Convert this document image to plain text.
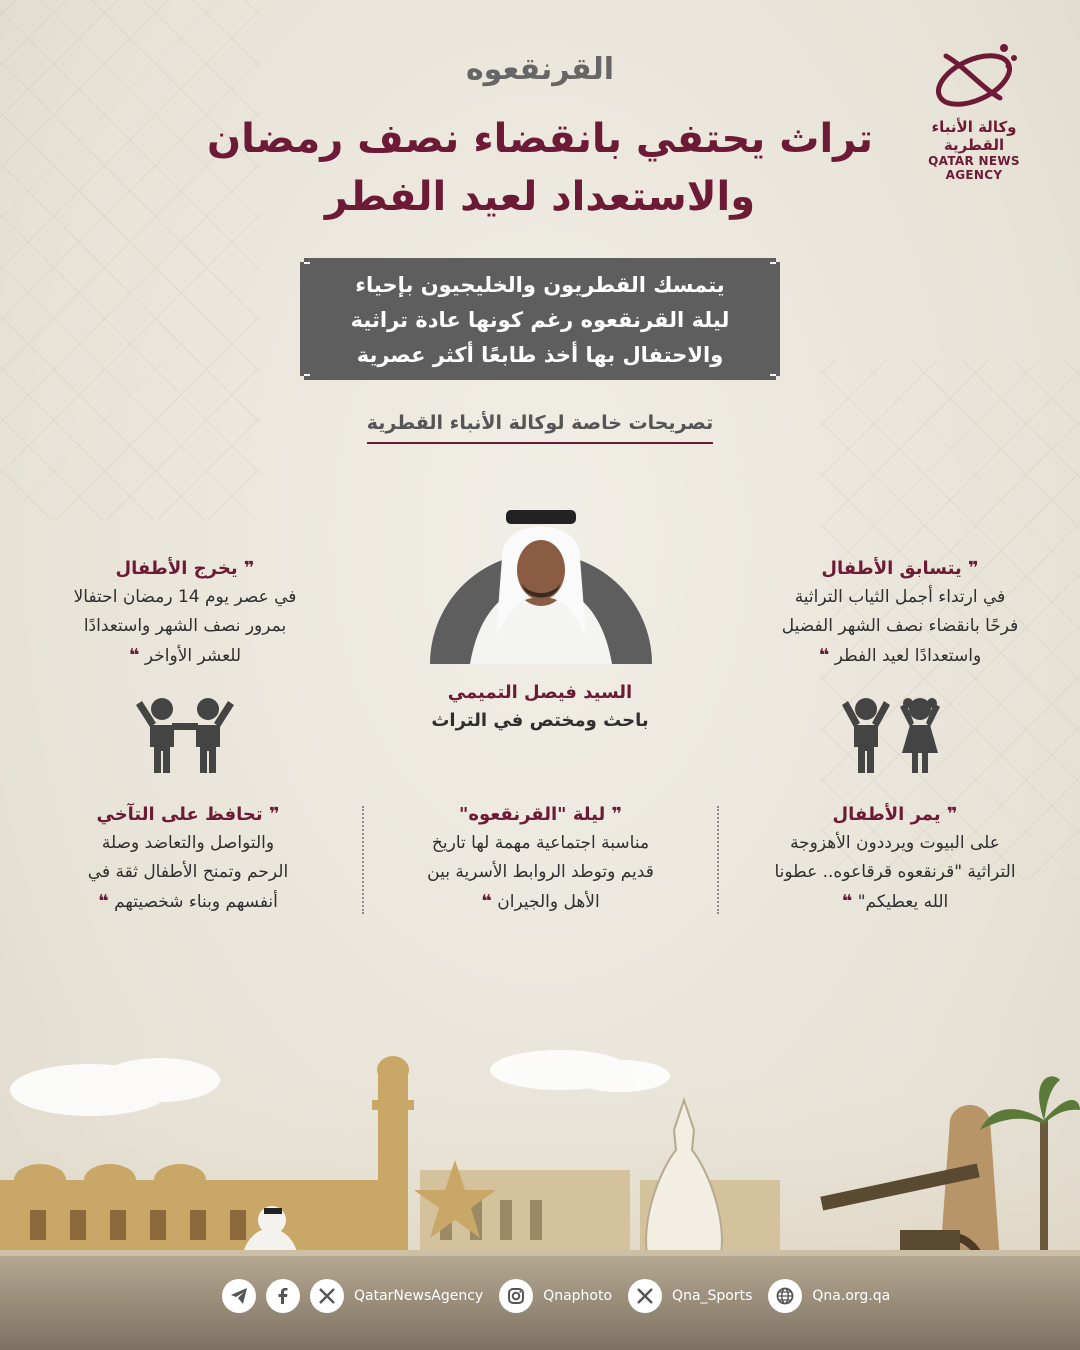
وكالة الأنباء القطرية
QATAR NEWS AGENCY
القرنقعوه
تراث يحتفي بانقضاء نصف رمضان
والاستعداد لعيد الفطر
يتمسك القطريون والخليجيون بإحياء
ليلة القرنقعوه رغم كونها عادة تراثية
والاحتفال بها أخذ طابعًا أكثر عصرية
تصريحات خاصة لوكالة الأنباء القطرية
السيد فيصل التميمي
باحث ومختص في التراث
❞ يتسابق الأطفال
في ارتداء أجمل الثياب التراثية
فرحًا بانقضاء نصف الشهر الفضيل
واستعدادًا لعيد الفطر ❝
❞ يخرج الأطفال
في عصر يوم 14 رمضان احتفالا
بمرور نصف الشهر واستعدادًا
للعشر الأواخر ❝
❞ يمر الأطفال
على البيوت ويرددون الأهزوجة
التراثية "قرنقعوه قرقاعوه.. عطونا
الله يعطيكم" ❝
❞ ليلة "القرنقعوه"
مناسبة اجتماعية مهمة لها تاريخ
قديم وتوطد الروابط الأسرية بين
الأهل والجيران ❝
❞ تحافظ على التآخي
والتواصل والتعاضد وصلة
الرحم وتمنح الأطفال ثقة في
أنفسهم وبناء شخصيتهم ❝
QatarNewsAgency	Qnaphoto	Qna_Sports	Qna.org.qa
